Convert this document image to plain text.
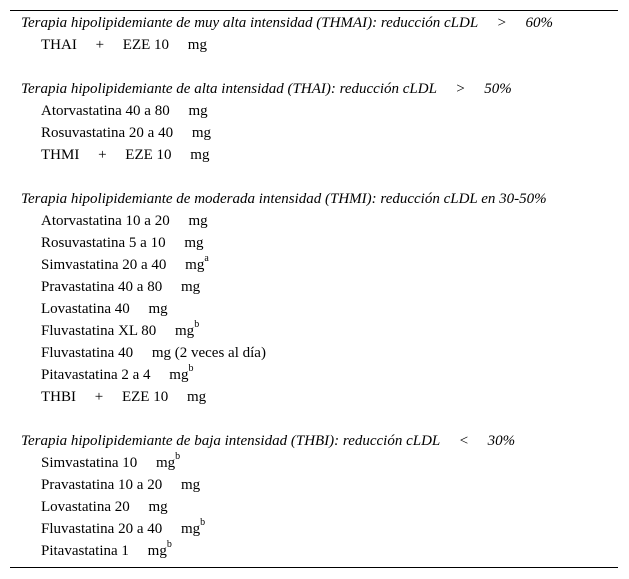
Terapia hipolipidemiante de muy alta intensidad (THMAI): reducción cLDL     >     60%
THAI     +     EZE 10     mg
Terapia hipolipidemiante de alta intensidad (THAI): reducción cLDL     >     50%
Atorvastatina 40 a 80     mg
Rosuvastatina 20 a 40     mg
THMI     +     EZE 10     mg
Terapia hipolipidemiante de moderada intensidad (THMI): reducción cLDL en 30-50%
Atorvastatina 10 a 20     mg
Rosuvastatina 5 a 10     mg
Simvastatina 20 a 40     $mg^a$
Pravastatina 40 a 80     mg
Lovastatina 40     mg
Fluvastatina XL 80     $mg^b$
Fluvastatina 40     mg (2 veces al día)
Pitavastatina 2 a 4     $mg^b$
THBI     +     EZE 10     mg
Terapia hipolipidemiante de baja intensidad (THBI): reducción cLDL     <     30%
Simvastatina 10     $mg^b$
Pravastatina 10 a 20     mg
Lovastatina 20     mg
Fluvastatina 20 a 40     $mg^b$
Pitavastatina 1     $mg^b$
